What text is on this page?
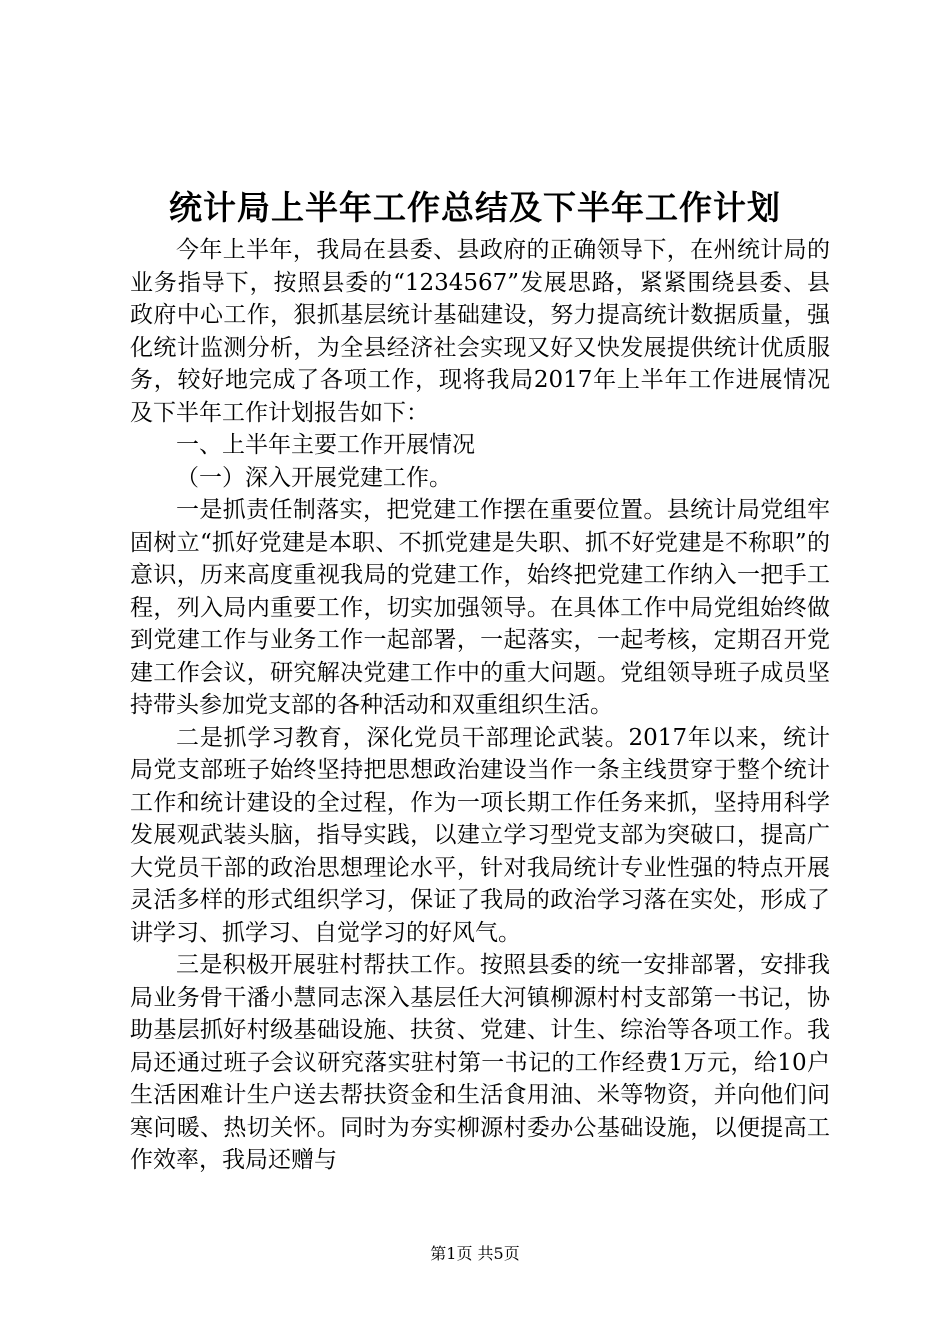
统计局上半年工作总结及下半年工作计划

今年上半年，我局在县委、县政府的正确领导下，在州统计局的业务指导下，按照县委的“1234567”发展思路，紧紧围绕县委、县政府中心工作，狠抓基层统计基础建设，努力提高统计数据质量，强化统计监测分析，为全县经济社会实现又好又快发展提供统计优质服务，较好地完成了各项工作，现将我局2017年上半年工作进展情况及下半年工作计划报告如下：

一、上半年主要工作开展情况

（一）深入开展党建工作。

一是抓责任制落实，把党建工作摆在重要位置。县统计局党组牢固树立“抓好党建是本职、不抓党建是失职、抓不好党建是不称职”的意识，历来高度重视我局的党建工作，始终把党建工作纳入一把手工程，列入局内重要工作，切实加强领导。在具体工作中局党组始终做到党建工作与业务工作一起部署，一起落实，一起考核，定期召开党建工作会议，研究解决党建工作中的重大问题。党组领导班子成员坚持带头参加党支部的各种活动和双重组织生活。

二是抓学习教育，深化党员干部理论武装。2017年以来，统计局党支部班子始终坚持把思想政治建设当作一条主线贯穿于整个统计工作和统计建设的全过程，作为一项长期工作任务来抓，坚持用科学发展观武装头脑，指导实践，以建立学习型党支部为突破口，提高广大党员干部的政治思想理论水平，针对我局统计专业性强的特点开展灵活多样的形式组织学习，保证了我局的政治学习落在实处，形成了讲学习、抓学习、自觉学习的好风气。

三是积极开展驻村帮扶工作。按照县委的统一安排部署，安排我局业务骨干潘小慧同志深入基层任大河镇柳源村村支部第一书记，协助基层抓好村级基础设施、扶贫、党建、计生、综治等各项工作。我局还通过班子会议研究落实驻村第一书记的工作经费1万元，给10户生活困难计生户送去帮扶资金和生活食用油、米等物资，并向他们问寒问暖、热切关怀。同时为夯实柳源村委办公基础设施，以便提高工作效率，我局还赠与

第1页 共5页
